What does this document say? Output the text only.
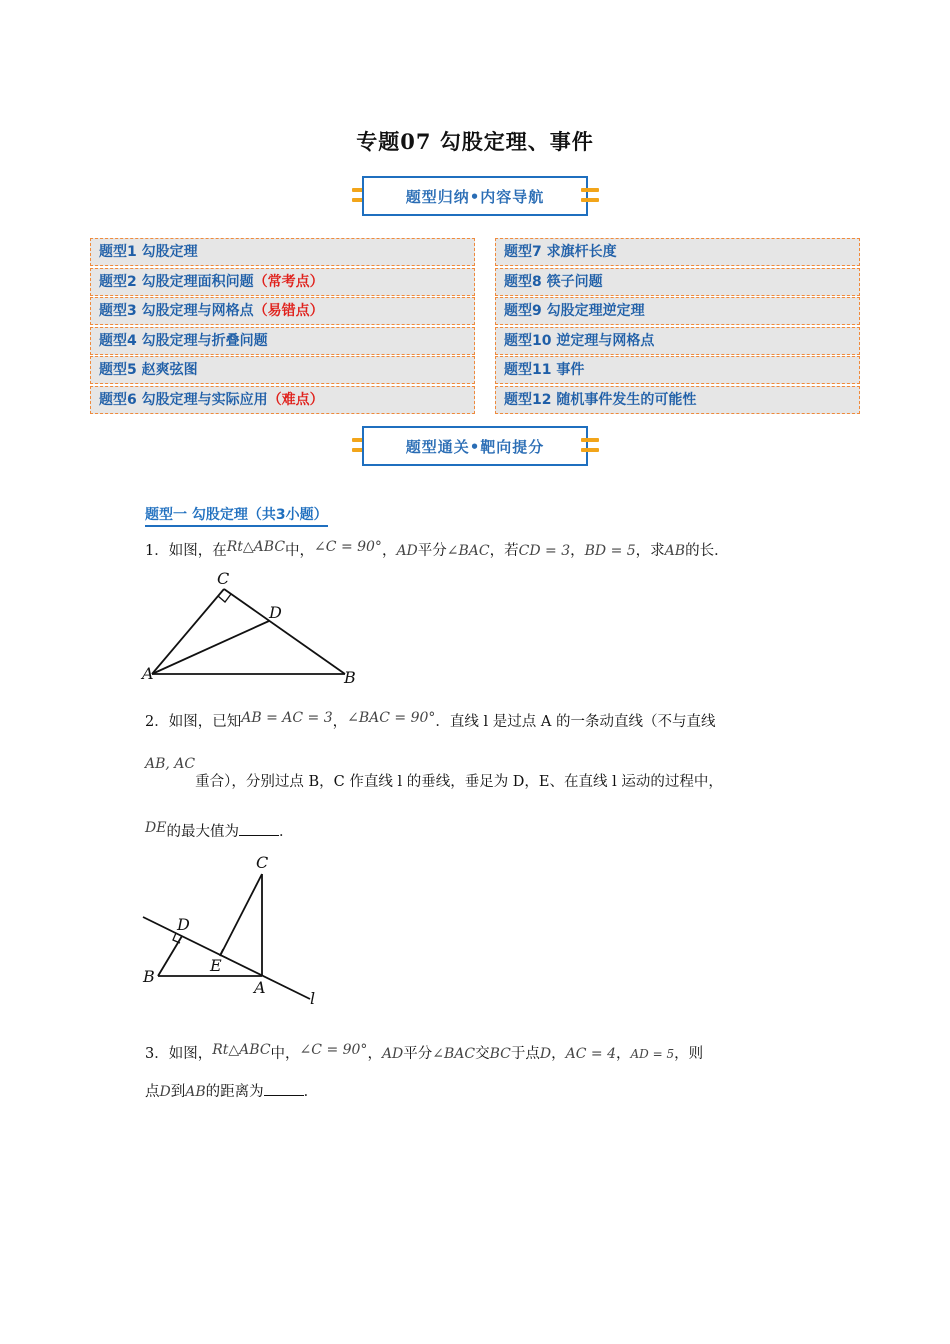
专题07 勾股定理、事件
题型归纳•内容导航
题型1 勾股定理
题型2 勾股定理面积问题（常考点）
题型3 勾股定理与网格点（易错点）
题型4 勾股定理与折叠问题
题型5 赵爽弦图
题型6 勾股定理与实际应用（难点）
题型7 求旗杆长度
题型8 筷子问题
题型9 勾股定理逆定理
题型10 逆定理与网格点
题型11 事件
题型12 随机事件发生的可能性
题型通关•靶向提分
题型一 勾股定理（共3小题）
1．如图，在Rt△ABC中，∠C = 90°，AD平分∠BAC，若CD = 3，BD = 5，求AB的长．
C
D
A	B
2．如图，已知AB = AC = 3，∠BAC = 90°．直线 l 是过点 A 的一条动直线（不与直线
AB, AC重合），分别过点 B，C 作直线 l 的垂线，垂足为 D，E、在直线 l 运动的过程中，
DE的最大值为	．
C
D
E
B
A
l
3．如图，Rt△ABC中，∠C = 90°，AD平分∠BAC交BC于点D，AC = 4，AD = 5，则
点D到AB的距离为	．
